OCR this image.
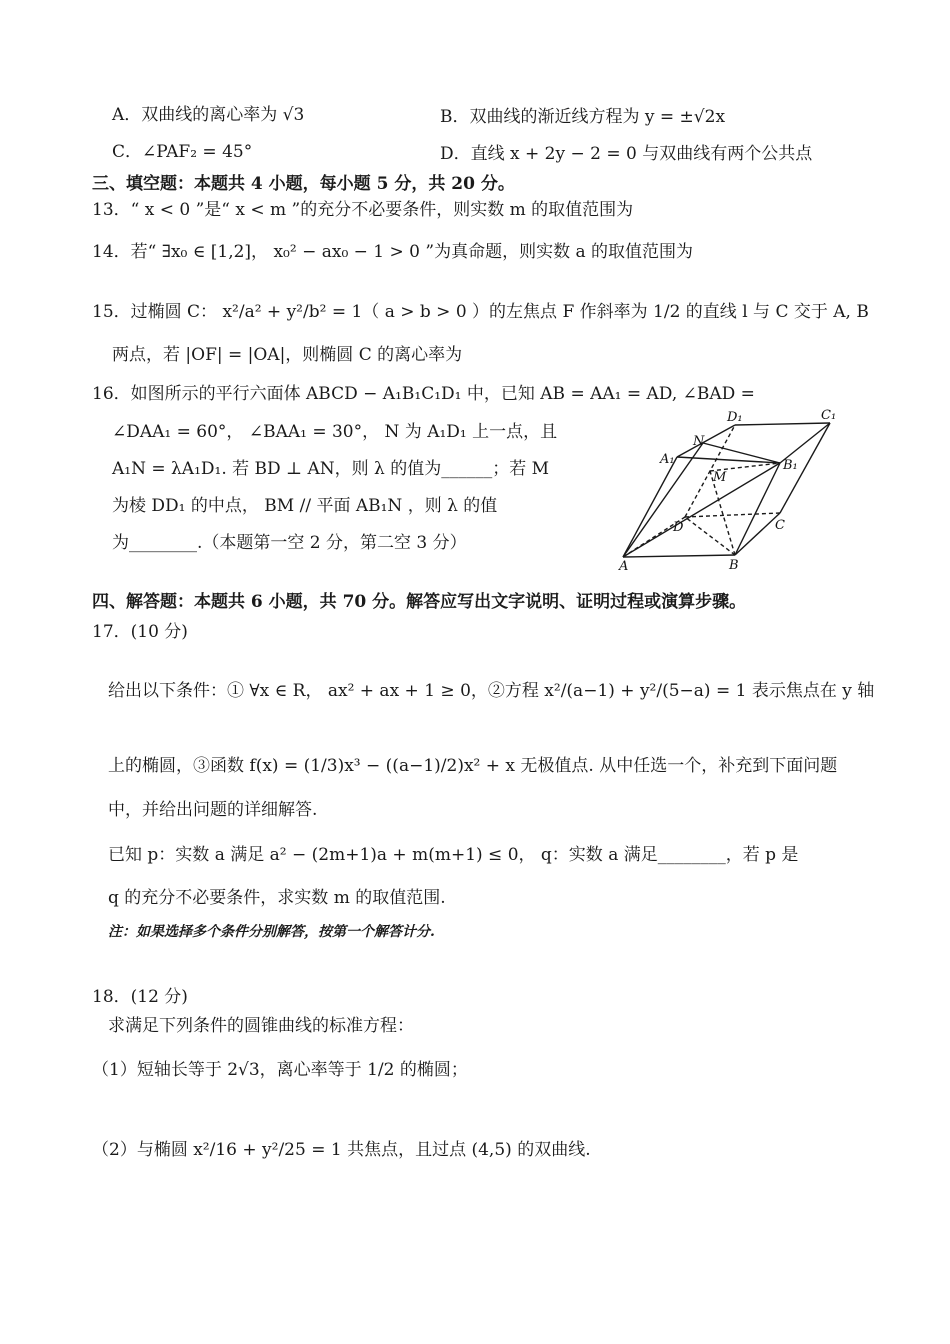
A．双曲线的离心率为 √3	B．双曲线的渐近线方程为 y = ±√2x
C．∠PAF₂ = 45°	D．直线 x + 2y − 2 = 0 与双曲线有两个公共点
三、填空题：本题共 4 小题，每小题 5 分，共 20 分。
13．“ x < 0 ”是“ x < m ”的充分不必要条件，则实数 m 的取值范围为
14．若“ ∃x₀ ∈ [1,2]， x₀² − ax₀ − 1 > 0 ”为真命题，则实数 a 的取值范围为
15．过椭圆 C： x²/a² + y²/b² = 1（ a > b > 0 ）的左焦点 F 作斜率为 1/2 的直线 l 与 C 交于 A, B
两点，若 |OF| = |OA|，则椭圆 C 的离心率为
16．如图所示的平行六面体 ABCD − A₁B₁C₁D₁ 中，已知 AB = AA₁ = AD, ∠BAD =
∠DAA₁ = 60°， ∠BAA₁ = 30°， N 为 A₁D₁ 上一点，且
A₁N = λA₁D₁. 若 BD ⊥ AN，则 λ 的值为______；若 M
为棱 DD₁ 的中点， BM // 平面 AB₁N ，则 λ 的值
为________.（本题第一空 2 分，第二空 3 分）
D₁	C₁
N
A₁	B₁
M
D	C
A	B
四、解答题：本题共 6 小题，共 70 分。解答应写出文字说明、证明过程或演算步骤。
17．(10 分)
给出以下条件：① ∀x ∈ R， ax² + ax + 1 ≥ 0，②方程 x²/(a−1) + y²/(5−a) = 1 表示焦点在 y 轴
上的椭圆，③函数 f(x) = (1/3)x³ − ((a−1)/2)x² + x 无极值点. 从中任选一个，补充到下面问题
中，并给出问题的详细解答.
已知 p：实数 a 满足 a² − (2m+1)a + m(m+1) ≤ 0， q：实数 a 满足________，若 p 是
q 的充分不必要条件，求实数 m 的取值范围.
注：如果选择多个条件分别解答，按第一个解答计分.
18．(12 分)
求满足下列条件的圆锥曲线的标准方程：
（1）短轴长等于 2√3，离心率等于 1/2 的椭圆；
（2）与椭圆 x²/16 + y²/25 = 1 共焦点，且过点 (4,5) 的双曲线.
